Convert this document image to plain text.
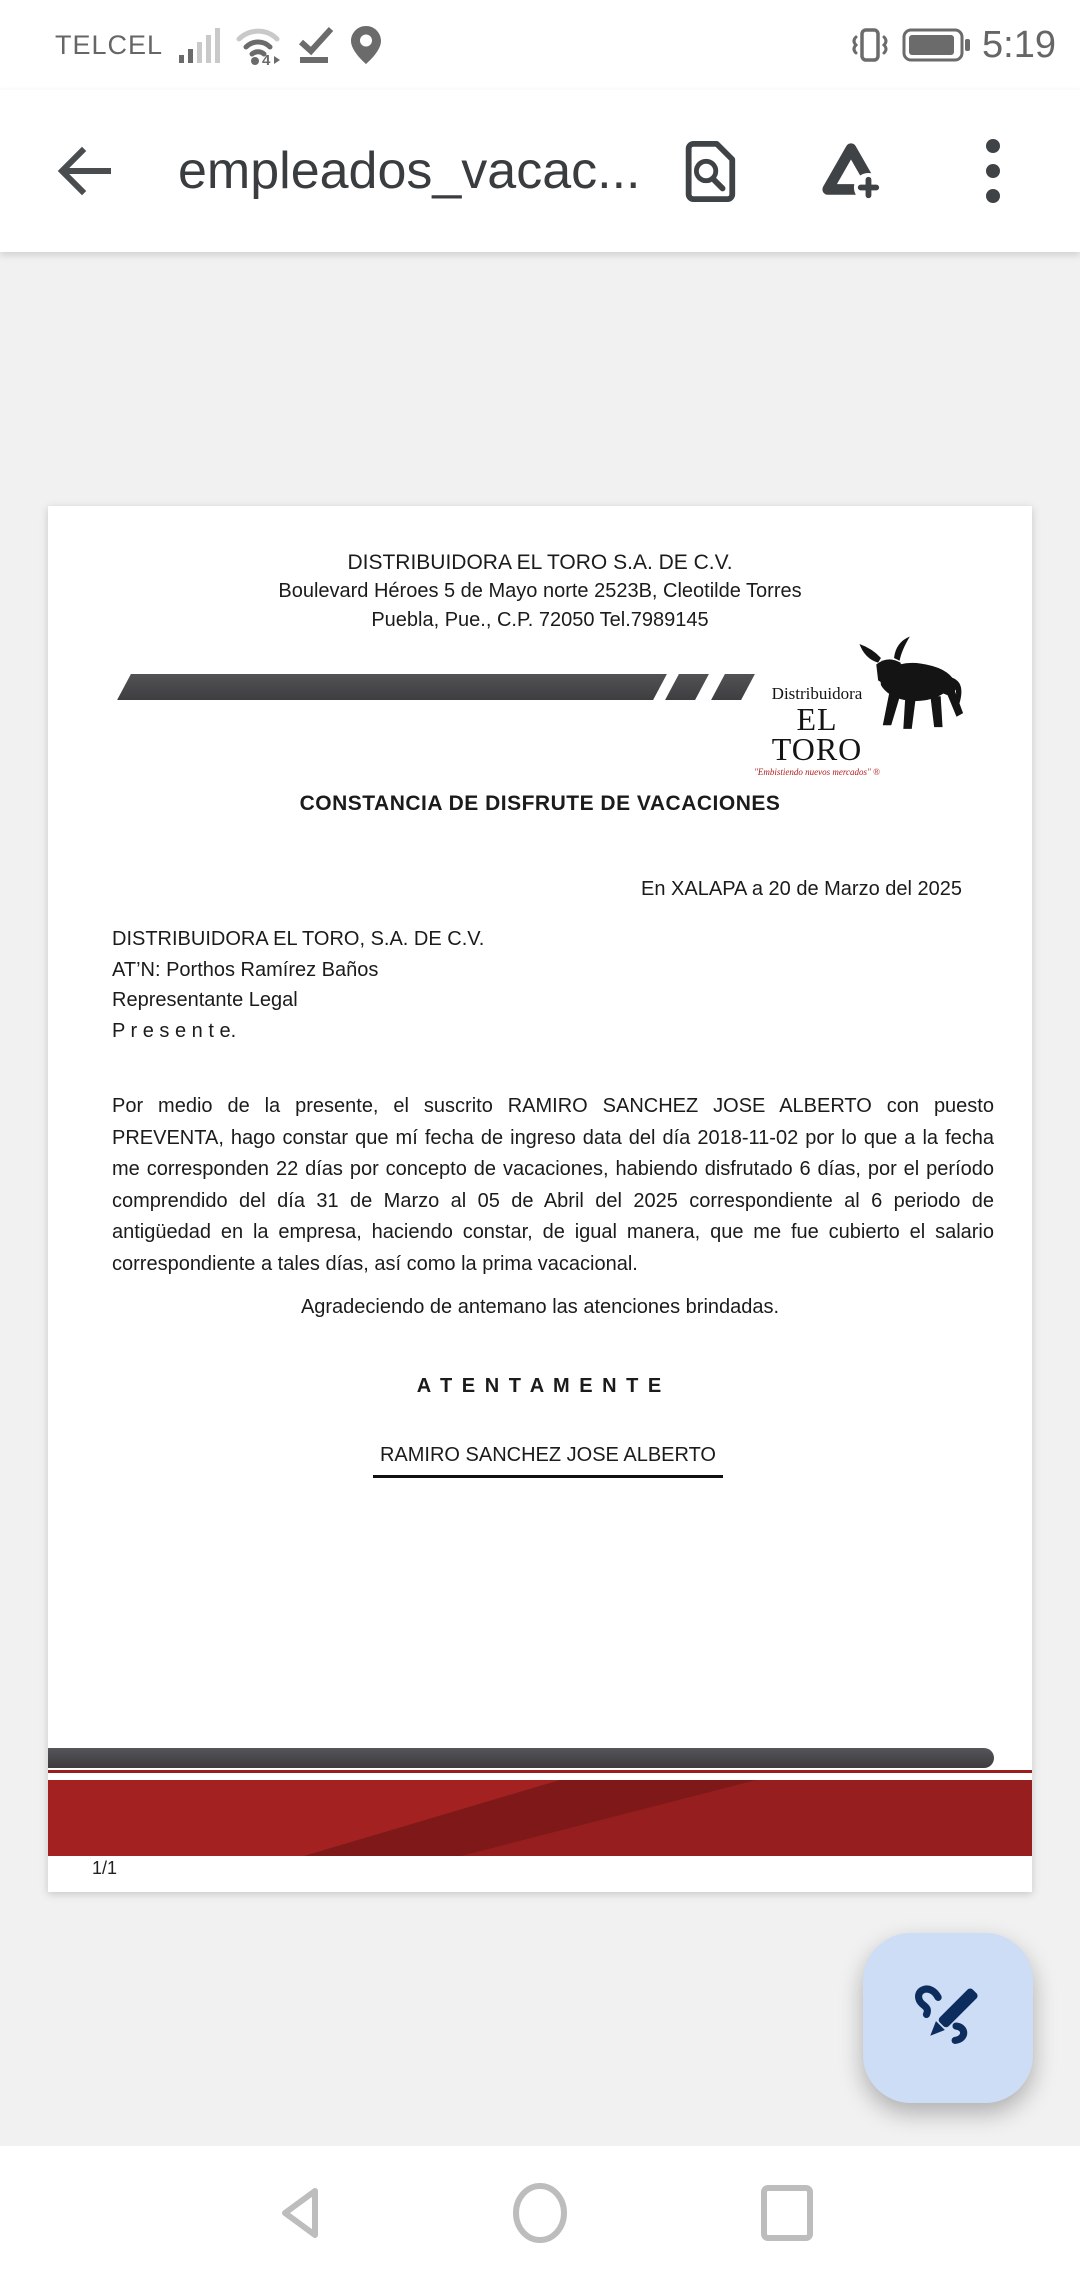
TELCEL
4	5:19
empleados_vacac...
DISTRIBUIDORA EL TORO S.A. DE C.V.
Boulevard Héroes 5 de Mayo norte 2523B, Cleotilde Torres
Puebla, Pue., C.P. 72050 Tel.7989145
Distribuidora
EL TORO
"Embistiendo nuevos mercados" ®
CONSTANCIA DE DISFRUTE DE VACACIONES
En XALAPA a 20 de Marzo del 2025
DISTRIBUIDORA EL TORO, S.A. DE C.V.
AT’N: Porthos Ramírez Baños
Representante Legal
P r e s e n t e.
Por medio de la presente, el suscrito RAMIRO SANCHEZ JOSE ALBERTO con puesto PREVENTA, hago constar que mí fecha de ingreso data del día 2018-11-02 por lo que a la fecha me corresponden 22 días por concepto de vacaciones, habiendo disfrutado 6 días, por el período comprendido del día 31 de Marzo al 05 de Abril del 2025 correspondiente al 6 periodo de antigüedad en la empresa, haciendo constar, de igual manera, que me fue cubierto el salario correspondiente a tales días, así como la prima vacacional.
Agradeciendo de antemano las atenciones brindadas.
A T E N T A M E N T E
RAMIRO SANCHEZ JOSE ALBERTO
1/1
